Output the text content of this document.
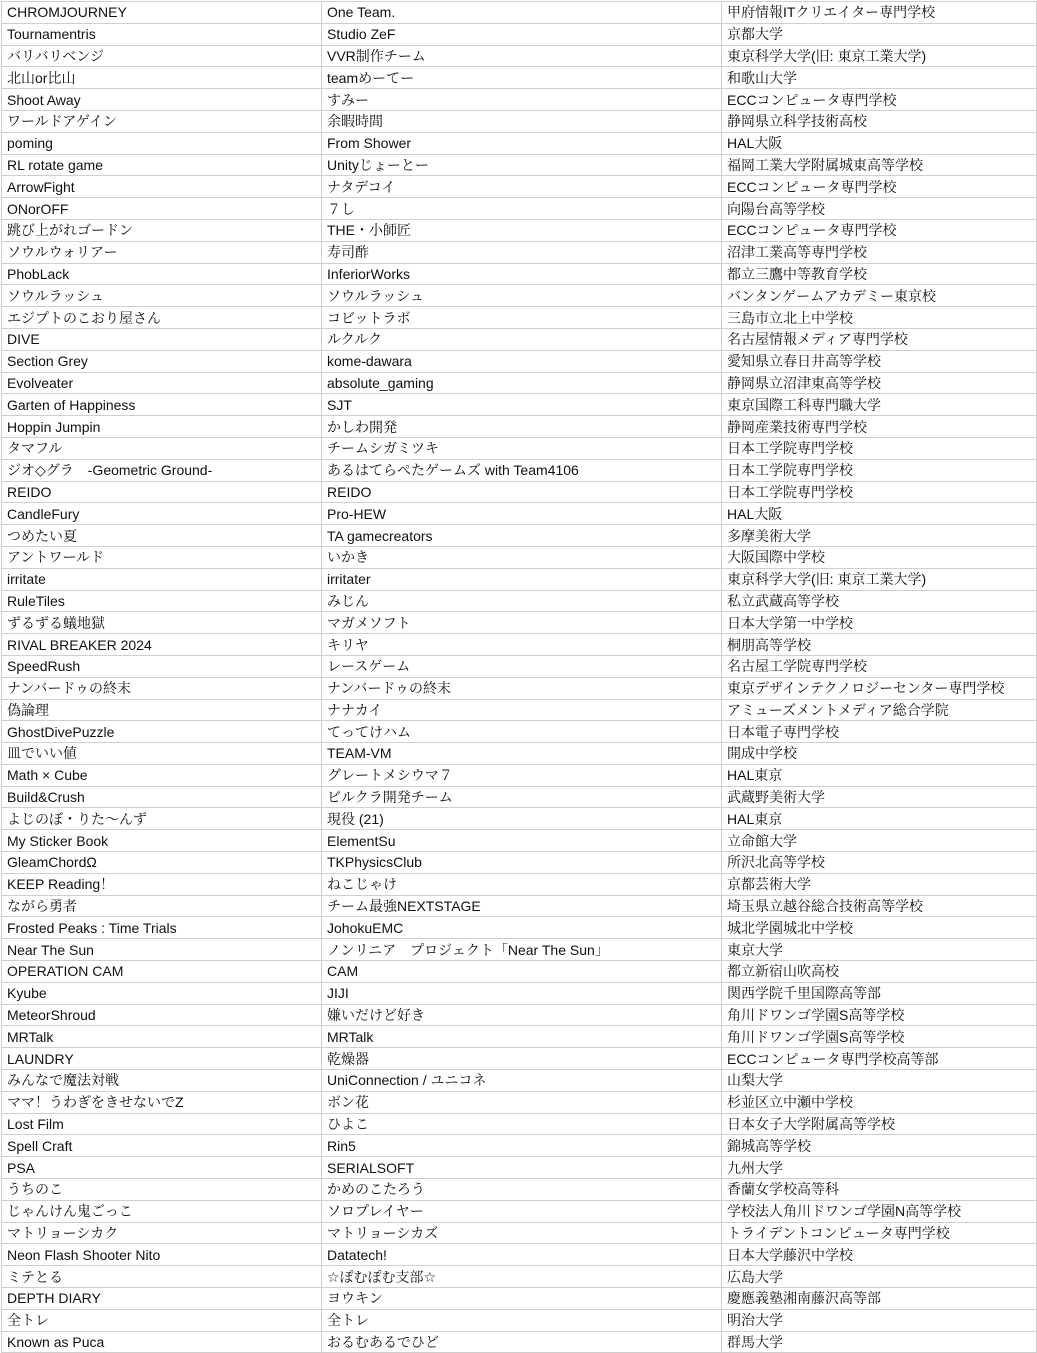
CHROMJOURNEY	One Team.	甲府情報ITクリエイター専門学校
Tournamentris	Studio ZeF	京都大学
バリバリベンジ	VVR制作チーム	東京科学大学(旧: 東京工業大学)
北山or比山	teamめーてー	和歌山大学
Shoot Away	すみー	ECCコンピュータ専門学校
ワールドアゲイン	余暇時間	静岡県立科学技術高校
poming	From Shower	HAL大阪
RL rotate game	Unityじょーとー	福岡工業大学附属城東高等学校
ArrowFight	ナタデコイ	ECCコンピュータ専門学校
ONorOFF	７し	向陽台高等学校
跳び上がれゴードン	THE・小師匠	ECCコンピュータ専門学校
ソウルウォリアー	寿司酢	沼津工業高等専門学校
PhobLack	InferiorWorks	都立三鷹中等教育学校
ソウルラッシュ	ソウルラッシュ	バンタンゲームアカデミー東京校
エジプトのこおり屋さん	コビットラボ	三島市立北上中学校
DIVE	ルクルク	名古屋情報メディア専門学校
Section Grey	kome-dawara	愛知県立春日井高等学校
Evolveater	absolute_gaming	静岡県立沼津東高等学校
Garten of Happiness	SJT	東京国際工科専門職大学
Hoppin Jumpin	かしわ開発	静岡産業技術専門学校
タマフル	チームシガミツキ	日本工学院専門学校
ジオ◇グラ　-Geometric Ground-	あるはてらぺたゲームズ with Team4106	日本工学院専門学校
REIDO	REIDO	日本工学院専門学校
CandleFury	Pro-HEW	HAL大阪
つめたい夏	TA gamecreators	多摩美術大学
アントワールド	いかき	大阪国際中学校
irritate	irritater	東京科学大学(旧: 東京工業大学)
RuleTiles	みじん	私立武蔵高等学校
ずるずる蟻地獄	マガメソフト	日本大学第一中学校
RIVAL BREAKER 2024	キリヤ	桐朋高等学校
SpeedRush	レースゲーム	名古屋工学院専門学校
ナンバードゥの終末	ナンバードゥの終末	東京デザインテクノロジーセンター専門学校
偽論理	ナナカイ	アミューズメントメディア総合学院
GhostDivePuzzle	てってけハム	日本電子専門学校
皿でいい値	TEAM-VM	開成中学校
Math × Cube	グレートメシウマ７	HAL東京
Build&Crush	ビルクラ開発チーム	武蔵野美術大学
よじのぼ・りた〜んず	現役 (21)	HAL東京
My Sticker Book	ElementSu	立命館大学
GleamChordΩ	TKPhysicsClub	所沢北高等学校
KEEP Reading！	ねこじゃけ	京都芸術大学
ながら勇者	チーム最強NEXTSTAGE	埼玉県立越谷総合技術高等学校
Frosted Peaks : Time Trials	JohokuEMC	城北学園城北中学校
Near The Sun	ノンリニア　プロジェクト「Near The Sun」	東京大学
OPERATION CAM	CAM	都立新宿山吹高校
Kyube	JIJI	関西学院千里国際高等部
MeteorShroud	嫌いだけど好き	角川ドワンゴ学園S高等学校
MRTalk	MRTalk	角川ドワンゴ学園S高等学校
LAUNDRY	乾燥器	ECCコンピュータ専門学校高等部
みんなで魔法対戦	UniConnection / ユニコネ	山梨大学
ママ！うわぎをきせないでZ	ボン花	杉並区立中瀬中学校
Lost Film	ひよこ	日本女子大学附属高等学校
Spell Craft	Rin5	錦城高等学校
PSA	SERIALSOFT	九州大学
うちのこ	かめのこたろう	香蘭女学校高等科
じゃんけん鬼ごっこ	ソロプレイヤー	学校法人角川ドワンゴ学園N高等学校
マトリョーシカク	マトリョーシカズ	トライデントコンピュータ専門学校
Neon Flash Shooter Nito	Datatech!	日本大学藤沢中学校
ミテとる	☆ぽむぽむ支部☆	広島大学
DEPTH DIARY	ヨウキン	慶應義塾湘南藤沢高等部
全トレ	全トレ	明治大学
Known as Puca	おるむあるでひど	群馬大学
